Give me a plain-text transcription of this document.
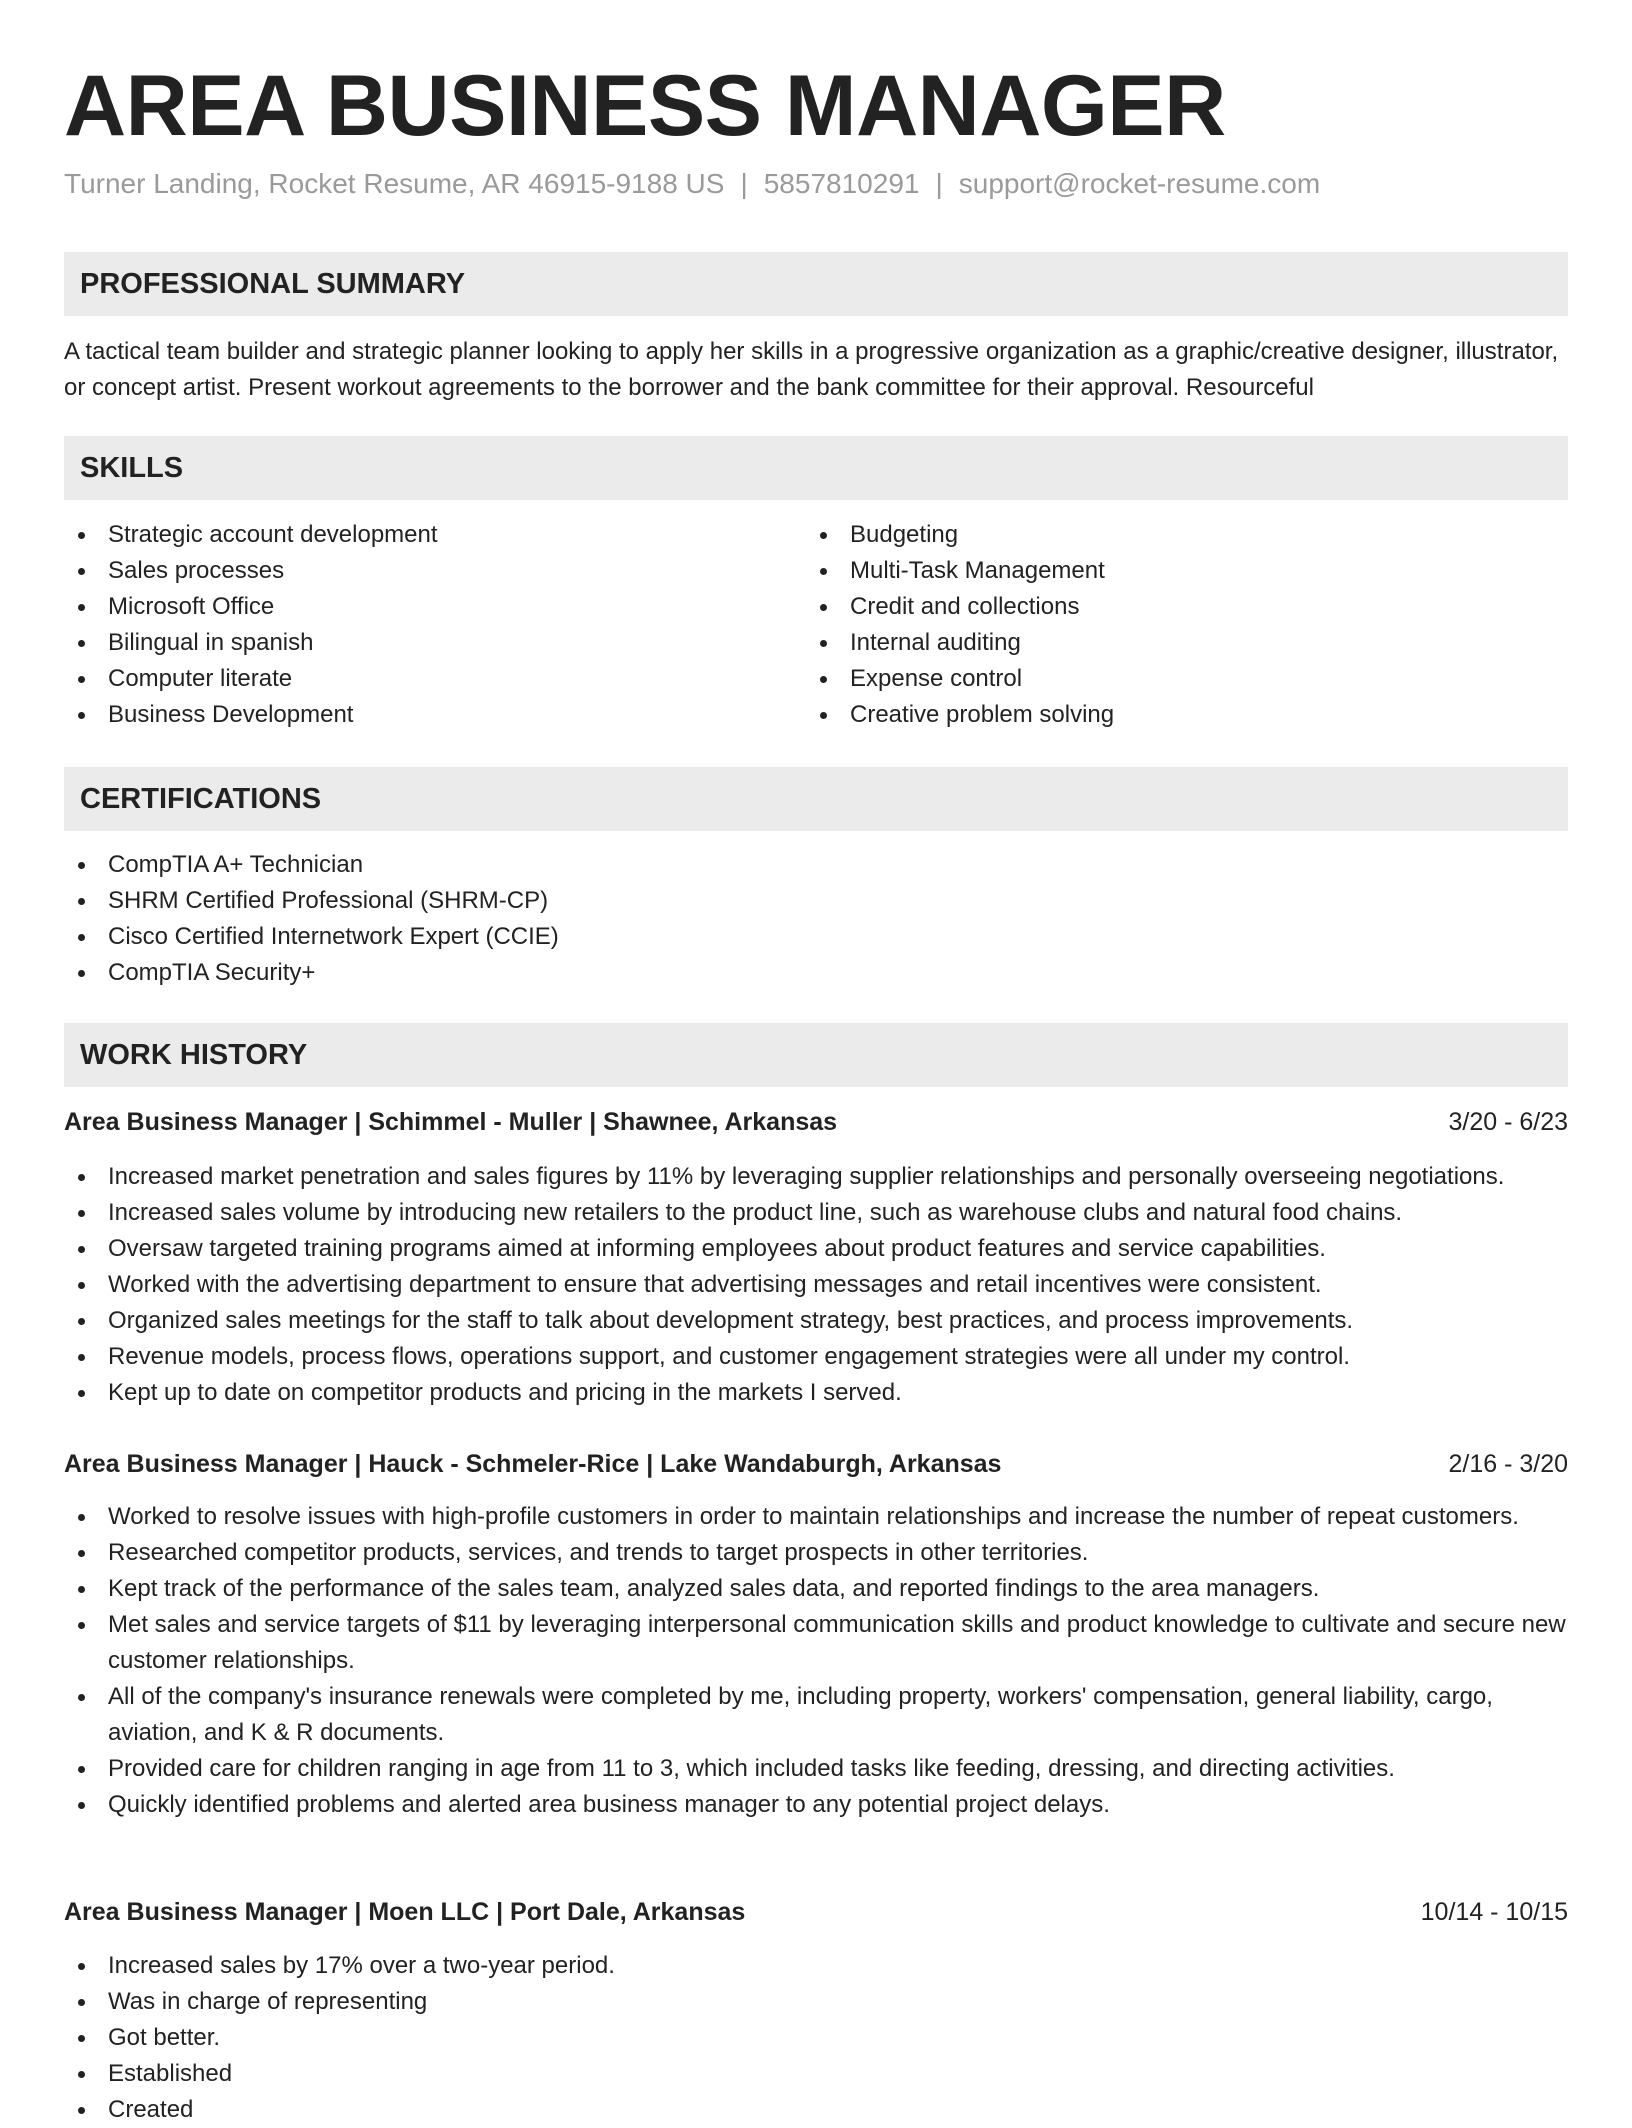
AREA BUSINESS MANAGER
Turner Landing, Rocket Resume, AR 46915-9188 US | 5857810291 | support@rocket-resume.com
PROFESSIONAL SUMMARY

A tactical team builder and strategic planner looking to apply her skills in a progressive organization as a graphic/creative designer, illustrator, or concept artist. Present workout agreements to the borrower and the bank committee for their approval. Resourceful

SKILLS
Strategic account development
Sales processes
Microsoft Office
Bilingual in spanish
Computer literate
Business Development
Budgeting
Multi-Task Management
Credit and collections
Internal auditing
Expense control
Creative problem solving
CERTIFICATIONS
CompTIA A+ Technician
SHRM Certified Professional (SHRM-CP)
Cisco Certified Internetwork Expert (CCIE)
CompTIA Security+
WORK HISTORY
Area Business Manager | Schimmel - Muller | Shawnee, Arkansas	3/20 - 6/23
Increased market penetration and sales figures by 11% by leveraging supplier relationships and personally overseeing negotiations.
Increased sales volume by introducing new retailers to the product line, such as warehouse clubs and natural food chains.
Oversaw targeted training programs aimed at informing employees about product features and service capabilities.
Worked with the advertising department to ensure that advertising messages and retail incentives were consistent.
Organized sales meetings for the staff to talk about development strategy, best practices, and process improvements.
Revenue models, process flows, operations support, and customer engagement strategies were all under my control.
Kept up to date on competitor products and pricing in the markets I served.
Area Business Manager | Hauck - Schmeler-Rice | Lake Wandaburgh, Arkansas	2/16 - 3/20
Worked to resolve issues with high-profile customers in order to maintain relationships and increase the number of repeat customers.
Researched competitor products, services, and trends to target prospects in other territories.
Kept track of the performance of the sales team, analyzed sales data, and reported findings to the area managers.
Met sales and service targets of $11 by leveraging interpersonal communication skills and product knowledge to cultivate and secure new customer relationships.
All of the company's insurance renewals were completed by me, including property, workers' compensation, general liability, cargo, aviation, and K & R documents.
Provided care for children ranging in age from 11 to 3, which included tasks like feeding, dressing, and directing activities.
Quickly identified problems and alerted area business manager to any potential project delays.
Area Business Manager | Moen LLC | Port Dale, Arkansas	10/14 - 10/15
Increased sales by 17% over a two-year period.
Was in charge of representing
Got better.
Established
Created
